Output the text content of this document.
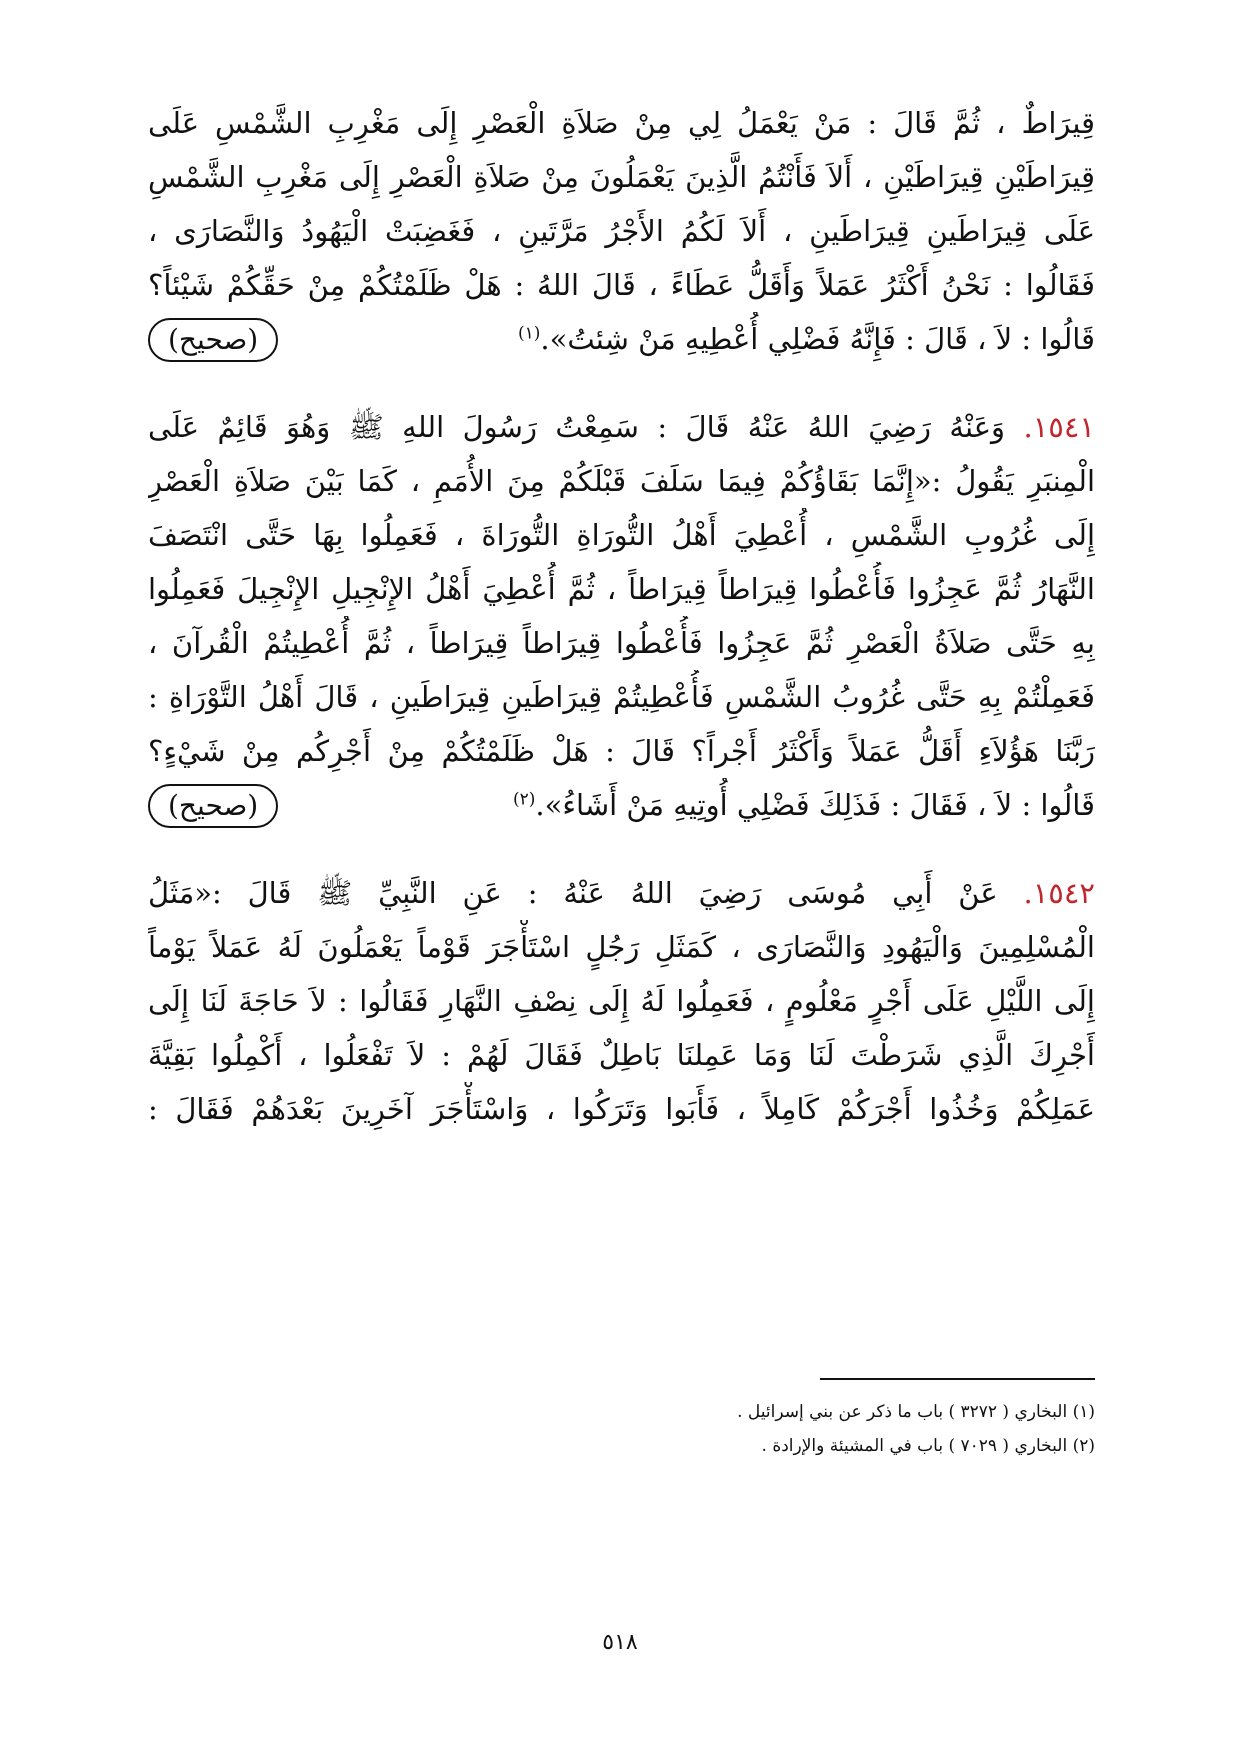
قِيرَاطٌ ، ثُمَّ قَالَ : مَنْ يَعْمَلُ لِي مِنْ صَلاَةِ الْعَصْرِ إِلَى مَغْرِبِ الشَّمْسِ عَلَى
قِيرَاطَيْنِ قِيرَاطَيْنِ ، أَلاَ فَأَنْتُمُ الَّذِينَ يَعْمَلُونَ مِنْ صَلاَةِ الْعَصْرِ إِلَى مَغْرِبِ الشَّمْسِ
عَلَى قِيرَاطَينِ قِيرَاطَينِ ، أَلاَ لَكُمُ الأَجْرُ مَرَّتَينِ ، فَغَضِبَتْ الْيَهُودُ وَالنَّصَارَى ،
فَقَالُوا : نَحْنُ أَكْثَرُ عَمَلاً وَأَقَلُّ عَطَاءً ، قَالَ اللهُ : هَلْ ظَلَمْتُكُمْ مِنْ حَقِّكُمْ شَيْئاً؟
قَالُوا : لاَ ، قَالَ : فَإِنَّهُ فَضْلِي أُعْطِيهِ مَنْ شِئتُ».$^{(١)}$
(صحيح)
١٥٤١. وَعَنْهُ رَضِيَ اللهُ عَنْهُ قَالَ : سَمِعْتُ رَسُولَ اللهِ ﷺ وَهُوَ قَائِمٌ عَلَى
الْمِنبَرِ يَقُولُ :«إِنَّمَا بَقَاؤُكُمْ فِيمَا سَلَفَ قَبْلَكُمْ مِنَ الأُمَمِ ، كَمَا بَيْنَ صَلاَةِ الْعَصْرِ
إِلَى غُرُوبِ الشَّمْسِ ، أُعْطِيَ أَهْلُ التُّورَاةِ التُّورَاةَ ، فَعَمِلُوا بِهَا حَتَّى انْتَصَفَ
النَّهَارُ ثُمَّ عَجِزُوا فَأُعْطُوا قِيرَاطاً قِيرَاطاً ، ثُمَّ أُعْطِيَ أَهْلُ الإِنْجِيلِ الإِنْجِيلَ فَعَمِلُوا
بِهِ حَتَّى صَلاَةُ الْعَصْرِ ثُمَّ عَجِزُوا فَأُعْطُوا قِيرَاطاً قِيرَاطاً ، ثُمَّ أُعْطِيتُمْ الْقُرآنَ ،
فَعَمِلْتُمْ بِهِ حَتَّى غُرُوبُ الشَّمْسِ فَأُعْطِيتُمْ قِيرَاطَينِ قِيرَاطَينِ ، قَالَ أَهْلُ التَّوْرَاةِ :
رَبَّنَا هَؤُلاَءِ أَقَلُّ عَمَلاً وَأَكْثَرُ أَجْراً؟ قَالَ : هَلْ ظَلَمْتُكُمْ مِنْ أَجْرِكُم مِنْ شَيْءٍ؟
قَالُوا : لاَ ، فَقَالَ : فَذَلِكَ فَضْلِي أُوتِيهِ مَنْ أَشَاءُ».$^{(٢)}$
(صحيح)
١٥٤٢. عَنْ أَبِي مُوسَى رَضِيَ اللهُ عَنْهُ : عَنِ النَّبِيِّ ﷺ قَالَ :«مَثَلُ
الْمُسْلِمِينَ وَالْيَهُودِ وَالنَّصَارَى ، كَمَثَلِ رَجُلٍ اسْتَأْجَرَ قَوْماً يَعْمَلُونَ لَهُ عَمَلاً يَوْماً
إِلَى اللَّيْلِ عَلَى أَجْرٍ مَعْلُومٍ ، فَعَمِلُوا لَهُ إِلَى نِصْفِ النَّهَارِ فَقَالُوا : لاَ حَاجَةَ لَنَا إِلَى
أَجْرِكَ الَّذِي شَرَطْتَ لَنَا وَمَا عَمِلنَا بَاطِلٌ فَقَالَ لَهُمْ : لاَ تَفْعَلُوا ، أَكْمِلُوا بَقِيَّةَ
عَمَلِكُمْ وَخُذُوا أَجْرَكُمْ كَامِلاً ، فَأَبَوا وَتَرَكُوا ، وَاسْتَأْجَرَ آخَرِينَ بَعْدَهُمْ فَقَالَ :
(١) البخاري ( ٣٢٧٢ ) باب ما ذكر عن بني إسرائيل .
(٢) البخاري ( ٧٠٢٩ ) باب في المشيئة والإرادة .
٥١٨
